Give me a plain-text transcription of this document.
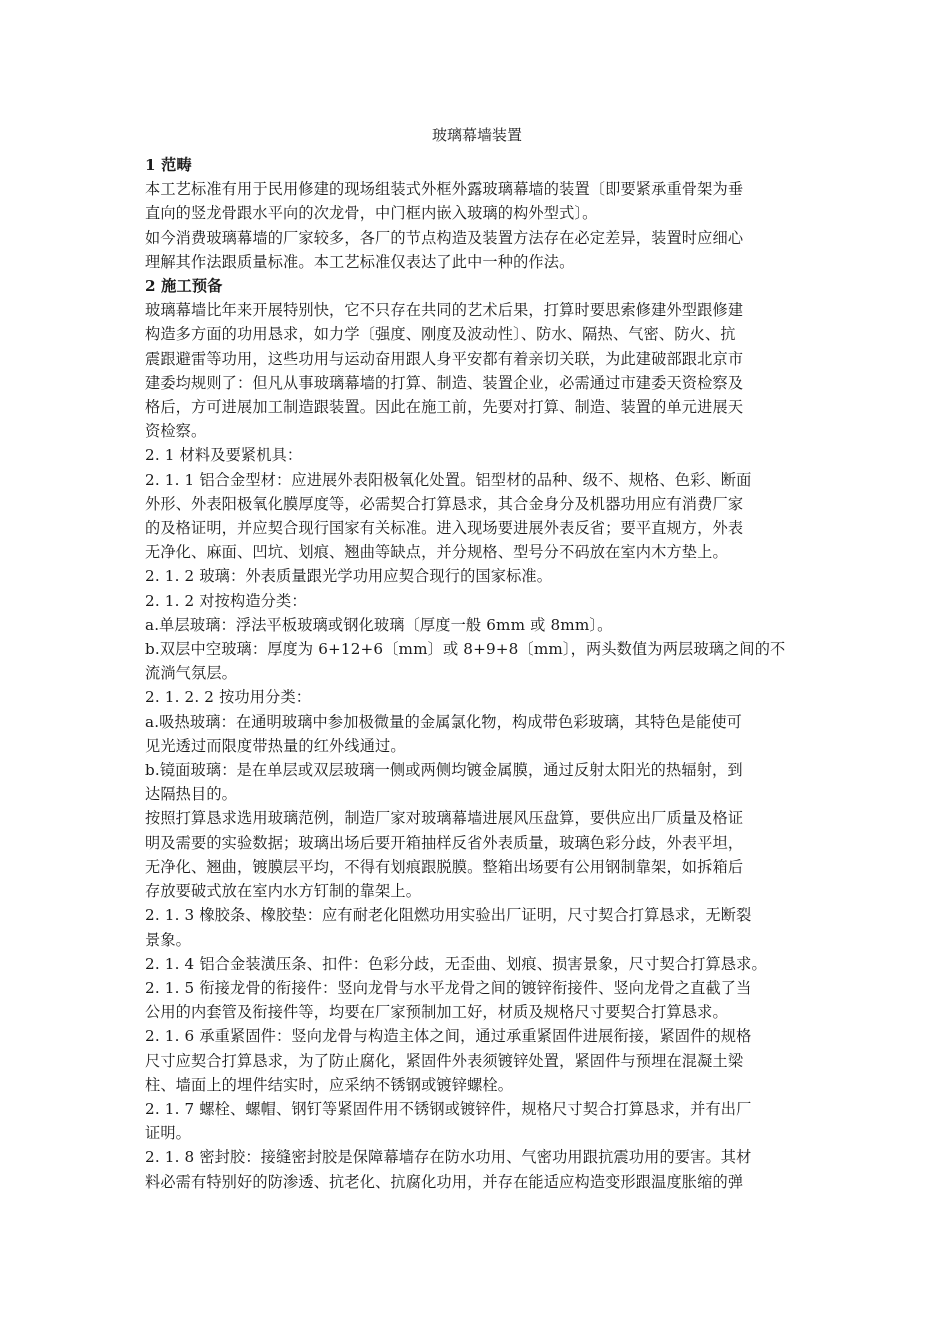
玻璃幕墙装置

1 范畴

本工艺标准有用于民用修建的现场组装式外框外露玻璃幕墙的装置〔即要紧承重骨架为垂

直向的竖龙骨跟水平向的次龙骨，中门框内嵌入玻璃的构外型式〕。

如今消费玻璃幕墙的厂家较多，各厂的节点构造及装置方法存在必定差异，装置时应细心

理解其作法跟质量标准。本工艺标准仅表达了此中一种的作法。

2 施工预备

玻璃幕墙比年来开展特别快，它不只存在共同的艺术后果，打算时要思索修建外型跟修建

构造多方面的功用恳求，如力学〔强度、刚度及波动性〕、防水、隔热、气密、防火、抗

震跟避雷等功用，这些功用与运动奋用跟人身平安都有着亲切关联，为此建破部跟北京市

建委均规则了：但凡从事玻璃幕墙的打算、制造、装置企业，必需通过市建委天资检察及

格后，方可进展加工制造跟装置。因此在施工前，先要对打算、制造、装置的单元进展天

资检察。

2. 1 材料及要紧机具：

2. 1. 1 铝合金型材：应进展外表阳极氧化处置。铝型材的品种、级不、规格、色彩、断面

外形、外表阳极氧化膜厚度等，必需契合打算恳求，其合金身分及机器功用应有消费厂家

的及格证明，并应契合现行国家有关标准。进入现场要进展外表反省；要平直规方，外表

无净化、麻面、凹坑、划痕、翘曲等缺点，并分规格、型号分不码放在室内木方垫上。

2. 1. 2 玻璃：外表质量跟光学功用应契合现行的国家标准。

2. 1. 2 对按构造分类：

a.单层玻璃：浮法平板玻璃或钢化玻璃〔厚度一般 6mm 或 8mm〕。

b.双层中空玻璃：厚度为 6+12+6〔mm〕或 8+9+8〔mm〕，两头数值为两层玻璃之间的不

流淌气氛层。

2. 1. 2. 2 按功用分类：

a.吸热玻璃：在通明玻璃中参加极微量的金属氯化物，构成带色彩玻璃，其特色是能使可

见光透过而限度带热量的红外线通过。

b.镜面玻璃：是在单层或双层玻璃一侧或两侧均镀金属膜，通过反射太阳光的热辐射，到

达隔热目的。

按照打算恳求选用玻璃范例，制造厂家对玻璃幕墙进展风压盘算，要供应出厂质量及格证

明及需要的实验数据；玻璃出场后要开箱抽样反省外表质量，玻璃色彩分歧，外表平坦，

无净化、翘曲，镀膜层平均，不得有划痕跟脱膜。整箱出场要有公用钢制靠架，如拆箱后

存放要破式放在室内水方钉制的靠架上。

2. 1. 3 橡胶条、橡胶垫：应有耐老化阻燃功用实验出厂证明，尺寸契合打算恳求，无断裂

景象。

2. 1. 4 铝合金装潢压条、扣件：色彩分歧，无歪曲、划痕、损害景象，尺寸契合打算恳求。

2. 1. 5 衔接龙骨的衔接件：竖向龙骨与水平龙骨之间的镀锌衔接件、竖向龙骨之直截了当

公用的内套管及衔接件等，均要在厂家预制加工好，材质及规格尺寸要契合打算恳求。

2. 1. 6 承重紧固件：竖向龙骨与构造主体之间，通过承重紧固件进展衔接，紧固件的规格

尺寸应契合打算恳求，为了防止腐化，紧固件外表须镀锌处置，紧固件与预埋在混凝土梁

柱、墙面上的埋件结实时，应采纳不锈钢或镀锌螺栓。

2. 1. 7 螺栓、螺帽、钢钉等紧固件用不锈钢或镀锌件，规格尺寸契合打算恳求，并有出厂

证明。

2. 1. 8 密封胶：接缝密封胶是保障幕墙存在防水功用、气密功用跟抗震功用的要害。其材

料必需有特别好的防渗透、抗老化、抗腐化功用，并存在能适应构造变形跟温度胀缩的弹
